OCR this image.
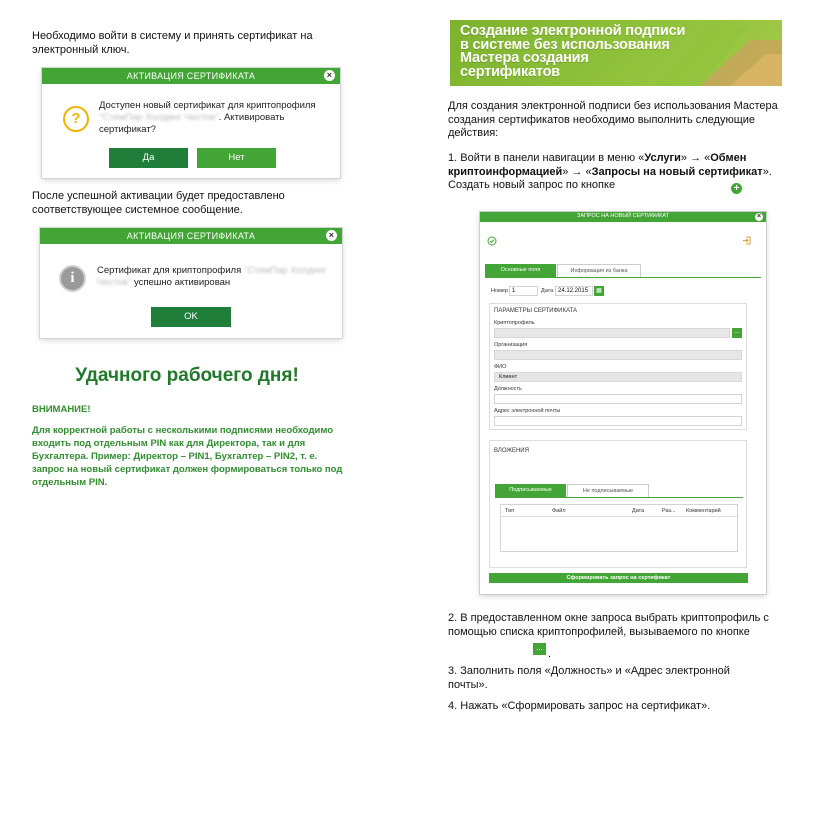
Необходимо войти в систему и принять сертификат на электронный ключ.
АКТИВАЦИЯ СЕРТИФИКАТА	×
?
Доступен новый сертификат для криптопрофиля "СтемПар Холдинг Честов". Активировать сертификат?
Да	Нет
После успешной активации будет предоставлено соответствующее системное сообщение.
АКТИВАЦИЯ СЕРТИФИКАТА	×
i	Сертификат для криптопрофиля "СтемПар Холдинг Честов" успешно активирован
OK
Удачного рабочего дня!
ВНИМАНИЕ!
Для корректной работы с несколькими подписями необходимо входить под отдельным PIN как для Директора, так и для Бухгалтера. Пример: Директор – PIN1, Бухгалтер – PIN2, т. е. запрос на новый сертификат должен формироваться только под отдельным PIN.
Создание электронной подписи
в системе без использования
Мастера создания
сертификатов
Для создания электронной подписи без использования Мастера создания сертификатов необходимо выполнить следующие действия:
1. Войти в панели навигации в меню «Услуги» → «Обмен криптоинформацией» → «Запросы на новый сертификат». Создать новый запрос по кнопке	+
ЗАПРОС НА НОВЫЙ СЕРТИФИКАТ	×
Основные поля	Информация из банка
Номер 1	Дата 24.12.2015	▦
ПАРАМЕТРЫ СЕРТИФИКАТА
Криптопрофиль
...
Организация
ФИО
Клиент
Должность
Адрес электронной почты
ВЛОЖЕНИЯ
Подписываемые	Не подписываемые
Тип	Файл	Дата	Раз... Комментарий
Сформировать запрос на сертификат
2. В предоставленном окне запроса выбрать криптопрофиль с помощью списка криптопрофилей, вызываемого по кнопке
...
.
3. Заполнить поля «Должность» и «Адрес электронной почты».
4. Нажать «Сформировать запрос на сертификат».
